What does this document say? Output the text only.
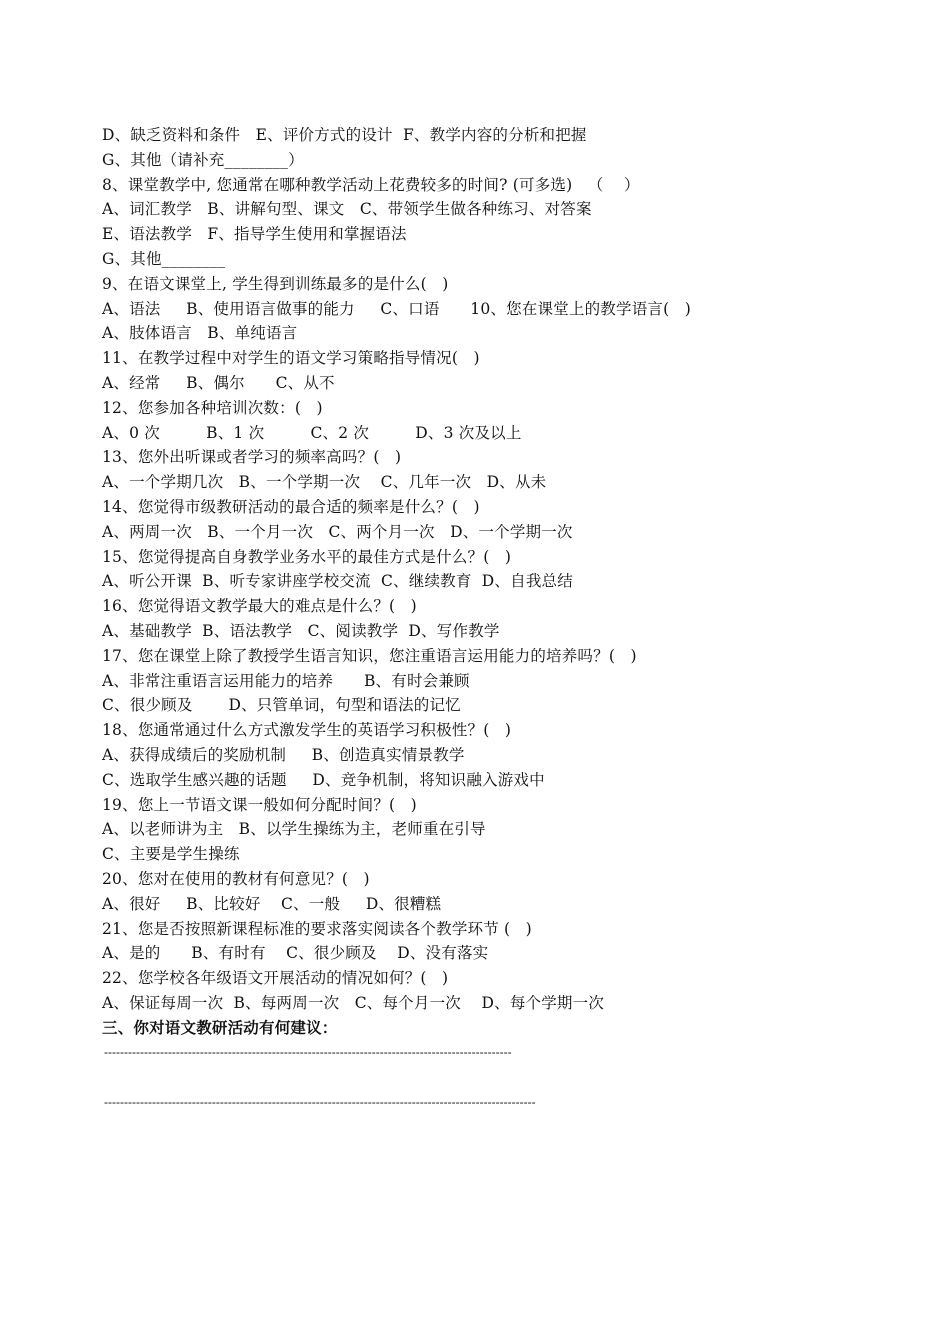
D、缺乏资料和条件   E、评价方式的设计  F、教学内容的分析和把握
G、其他（请补充________）
8、课堂教学中, 您通常在哪种教学活动上花费较多的时间? (可多选)   （    ）
A、词汇教学   B、讲解句型、课文   C、带领学生做各种练习、对答案
E、语法教学   F、指导学生使用和掌握语法
G、其他________
9、在语文课堂上, 学生得到训练最多的是什么(   )
A、语法     B、使用语言做事的能力     C、口语      10、您在课堂上的教学语言(   )
A、肢体语言   B、单纯语言
11、在教学过程中对学生的语文学习策略指导情况(   )
A、经常     B、偶尔      C、从不
12、您参加各种培训次数：(   )
A、0 次         B、1 次         C、2 次         D、3 次及以上
13、您外出听课或者学习的频率高吗？(   )
A、一个学期几次   B、一个学期一次    C、几年一次   D、从未
14、您觉得市级教研活动的最合适的频率是什么？(   )
A、两周一次   B、一个月一次   C、两个月一次   D、一个学期一次
15、您觉得提高自身教学业务水平的最佳方式是什么？(   )
A、听公开课  B、听专家讲座学校交流  C、继续教育  D、自我总结
16、您觉得语文教学最大的难点是什么？(   )
A、基础教学  B、语法教学   C、阅读教学  D、写作教学
17、您在课堂上除了教授学生语言知识，您注重语言运用能力的培养吗？(   )
A、非常注重语言运用能力的培养      B、有时会兼顾
C、很少顾及       D、只管单词，句型和语法的记忆
18、您通常通过什么方式激发学生的英语学习积极性？(   )
A、获得成绩后的奖励机制     B、创造真实情景教学
C、选取学生感兴趣的话题     D、竞争机制，将知识融入游戏中
19、您上一节语文课一般如何分配时间？(   )
A、以老师讲为主   B、以学生操练为主，老师重在引导
C、主要是学生操练
20、您对在使用的教材有何意见？(   )
A、很好     B、比较好    C、一般     D、很糟糕
21、您是否按照新课程标准的要求落实阅读各个教学环节 (   )
A、是的      B、有时有    C、很少顾及    D、没有落实
22、您学校各年级语文开展活动的情况如何？(   )
A、保证每周一次  B、每两周一次   C、每个月一次    D、每个学期一次
三、你对语文教研活动有何建议：
------------------------------------------------------------------------------------------------------
------------------------------------------------------------------------------------------------------------
